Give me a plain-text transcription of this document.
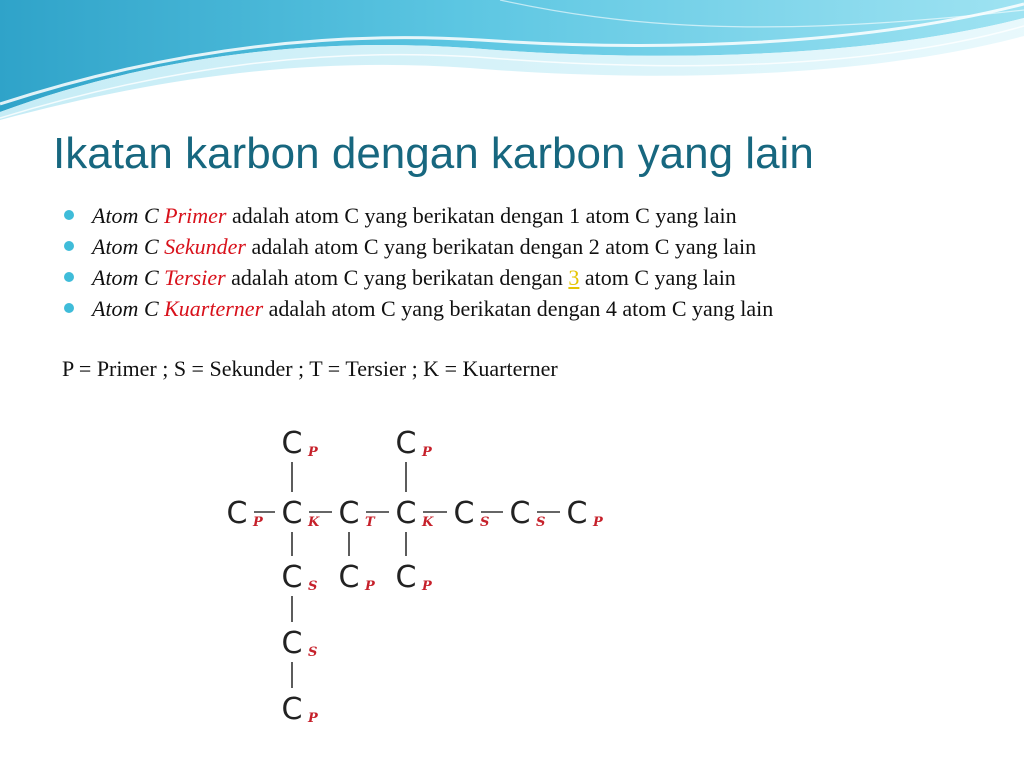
Ikatan karbon dengan karbon yang lain
Atom C Primer adalah atom C yang berikatan dengan 1 atom C yang lain
Atom C Sekunder adalah atom C yang berikatan dengan 2 atom C yang lain
Atom C Tersier adalah atom C yang berikatan dengan 3 atom C yang lain
Atom C Kuarterner adalah atom C yang berikatan dengan 4 atom C yang lain
P = Primer ; S = Sekunder ; T = Tersier ; K = Kuarterner
C P	C P
C P C K C T C K C S C S C P
C S C P C P
C S
C P
